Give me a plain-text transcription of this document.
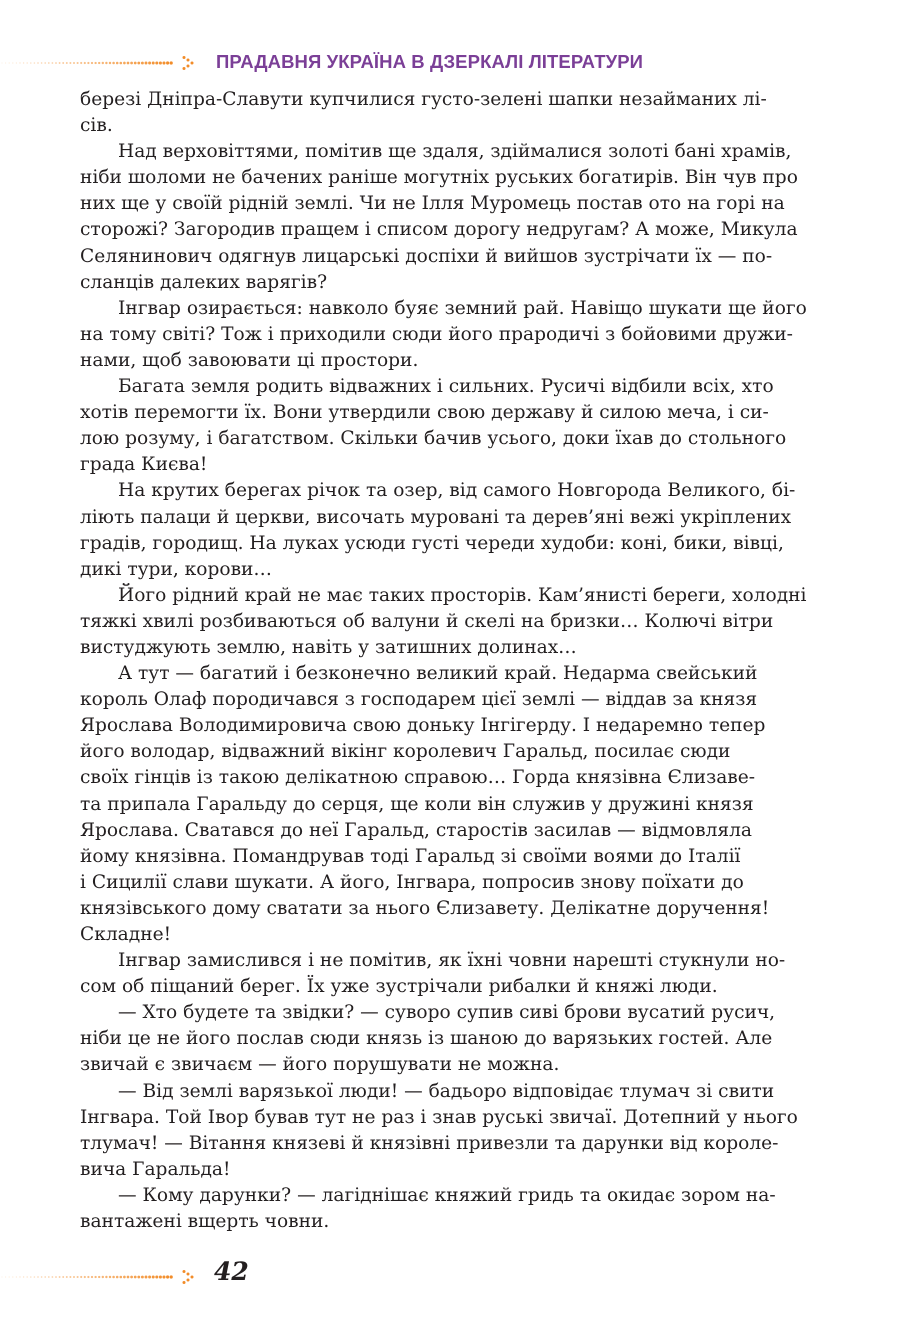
ПРАДАВНЯ УКРАЇНА В ДЗЕРКАЛІ ЛІТЕРАТУРИ

березі Дніпра-Славути купчилися густо-зелені шапки незайманих лі-
сів.

Над верховіттями, помітив ще здаля, здіймалися золоті бані храмів,
ніби шоломи не бачених раніше могутніх руських богатирів. Він чув про
них ще у своїй рідній землі. Чи не Ілля Муромець постав ото на горі на
сторожі? Загородив пращем і списом дорогу недругам? А може, Микула
Селянинович одягнув лицарські доспіхи й вийшов зустрічати їх — по-
сланців далеких варягів?

Інгвар озирається: навколо буяє земний рай. Навіщо шукати ще його
на тому світі? Тож і приходили сюди його прародичі з бойовими дружи-
нами, щоб завоювати ці простори.

Багата земля родить відважних і сильних. Русичі відбили всіх, хто
хотів перемогти їх. Вони утвердили свою державу й силою меча, і си-
лою розуму, і багатством. Скільки бачив усього, доки їхав до стольного
града Києва!

На крутих берегах річок та озер, від самого Новгорода Великого, бі-
ліють палаци й церкви, височать муровані та дерев’яні вежі укріплених
градів, городищ. На луках усюди густі череди худоби: коні, бики, вівці,
дикі тури, корови…

Його рідний край не має таких просторів. Кам’янисті береги, холодні
тяжкі хвилі розбиваються об валуни й скелі на бризки… Колючі вітри
вистуджують землю, навіть у затишних долинах…

А тут — багатий і безконечно великий край. Недарма свейський
король Олаф породичався з господарем цієї землі — віддав за князя
Ярослава Володимировича свою доньку Інгігерду. І недаремно тепер
його володар, відважний вікінг королевич Гаральд, посилає сюди
своїх гінців із такою делікатною справою… Горда князівна Єлизаве-
та припала Гаральду до серця, ще коли він служив у дружині князя
Ярослава. Сватався до неї Гаральд, старостів засилав — відмовляла
йому князівна. Помандрував тоді Гаральд зі своїми воями до Італії
і Сицилії слави шукати. А його, Інгвара, попросив знову поїхати до
князівського дому сватати за нього Єлизавету. Делікатне доручення!
Складне!

Інгвар замислився і не помітив, як їхні човни нарешті стукнули но-
сом об піщаний берег. Їх уже зустрічали рибалки й княжі люди.

— Хто будете та звідки? — суворо супив сиві брови вусатий русич,
ніби це не його послав сюди князь із шаною до варязьких гостей. Але
звичай є звичаєм — його порушувати не можна.

— Від землі варязької люди! — бадьоро відповідає тлумач зі свити
Інгвара. Той Івор бував тут не раз і знав руські звичаї. Дотепний у нього
тлумач! — Вітання князеві й князівні привезли та дарунки від короле-
вича Гаральда!

— Кому дарунки? — лагіднішає княжий гридь та окидає зором на-
вантажені вщерть човни.

42
